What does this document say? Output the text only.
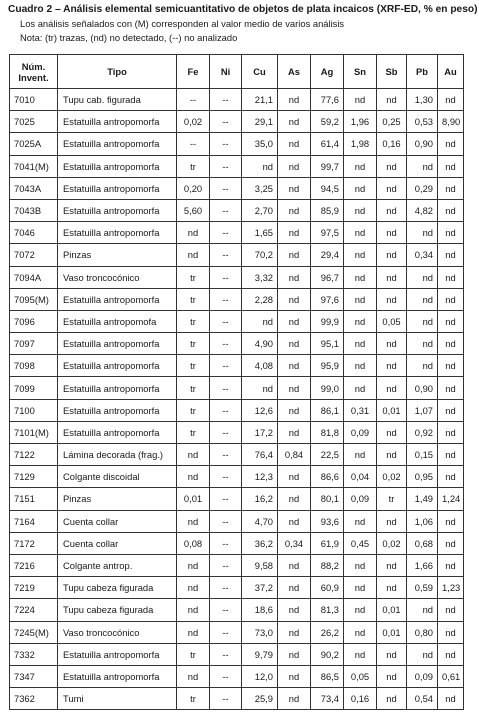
Cuadro 2 – Análisis elemental semicuantitativo de objetos de plata incaicos (XRF-ED, % en peso)
Los análisis señalados con (M) corresponden al valor medio de varios análisis
Nota: (tr) trazas, (nd) no detectado, (--) no analizado
Núm. Invent.	Tipo	Fe	Ni	Cu	As	Ag	Sn	Sb	Pb	Au
7010	Tupu cab. figurada	--	--	21,1	nd	77,6	nd	nd	1,30	nd
7025	Estatuilla antropomorfa	0,02	--	29,1	nd	59,2	1,96	0,25	0,53	8,90
7025A	Estatuilla antropomorfa	--	--	35,0	nd	61,4	1,98	0,16	0,90	nd
7041(M)	Estatuilla antropomorfa	tr	--	nd	nd	99,7	nd	nd	nd	nd
7043A	Estatuilla antropomorfa	0,20	--	3,25	nd	94,5	nd	nd	0,29	nd
7043B	Estatuilla antropomorfa	5,60	--	2,70	nd	85,9	nd	nd	4,82	nd
7046	Estatuilla antropomorfa	nd	--	1,65	nd	97,5	nd	nd	nd	nd
7072	Pinzas	nd	--	70,2	nd	29,4	nd	nd	0,34	nd
7094A	Vaso troncocónico	tr	--	3,32	nd	96,7	nd	nd	nd	nd
7095(M)	Estatuilla antropomorfa	tr	--	2,28	nd	97,6	nd	nd	nd	nd
7096	Estatuilla antropomofa	tr	--	nd	nd	99,9	nd	0,05	nd	nd
7097	Estatuilla antropomorfa	tr	--	4,90	nd	95,1	nd	nd	nd	nd
7098	Estatuilla antropomorfa	tr	--	4,08	nd	95,9	nd	nd	nd	nd
7099	Estatuilla antropomorfa	tr	--	nd	nd	99,0	nd	nd	0,90	nd
7100	Estatuilla antropomorfa	tr	--	12,6	nd	86,1	0,31	0,01	1,07	nd
7101(M)	Estatuilla antropomorfa	tr	--	17,2	nd	81,8	0,09	nd	0,92	nd
7122	Lámina decorada (frag.)	nd	--	76,4	0,84	22,5	nd	nd	0,15	nd
7129	Colgante discoidal	nd	--	12,3	nd	86,6	0,04	0,02	0,95	nd
7151	Pinzas	0,01	--	16,2	nd	80,1	0,09	tr	1,49	1,24
7164	Cuenta collar	nd	--	4,70	nd	93,6	nd	nd	1,06	nd
7172	Cuenta collar	0,08	--	36,2	0,34	61,9	0,45	0,02	0,68	nd
7216	Colgante antrop.	nd	--	9,58	nd	88,2	nd	nd	1,66	nd
7219	Tupu cabeza figurada	nd	--	37,2	nd	60,9	nd	nd	0,59	1,23
7224	Tupu cabeza figurada	nd	--	18,6	nd	81,3	nd	0,01	nd	nd
7245(M)	Vaso troncocónico	nd	--	73,0	nd	26,2	nd	0,01	0,80	nd
7332	Estatuilla antropomorfa	tr	--	9,79	nd	90,2	nd	nd	nd	nd
7347	Estatuilla antropomorfa	nd	--	12,0	nd	86,5	0,05	nd	0,09	0,61
7362	Tumi	tr	--	25,9	nd	73,4	0,16	nd	0,54	nd
